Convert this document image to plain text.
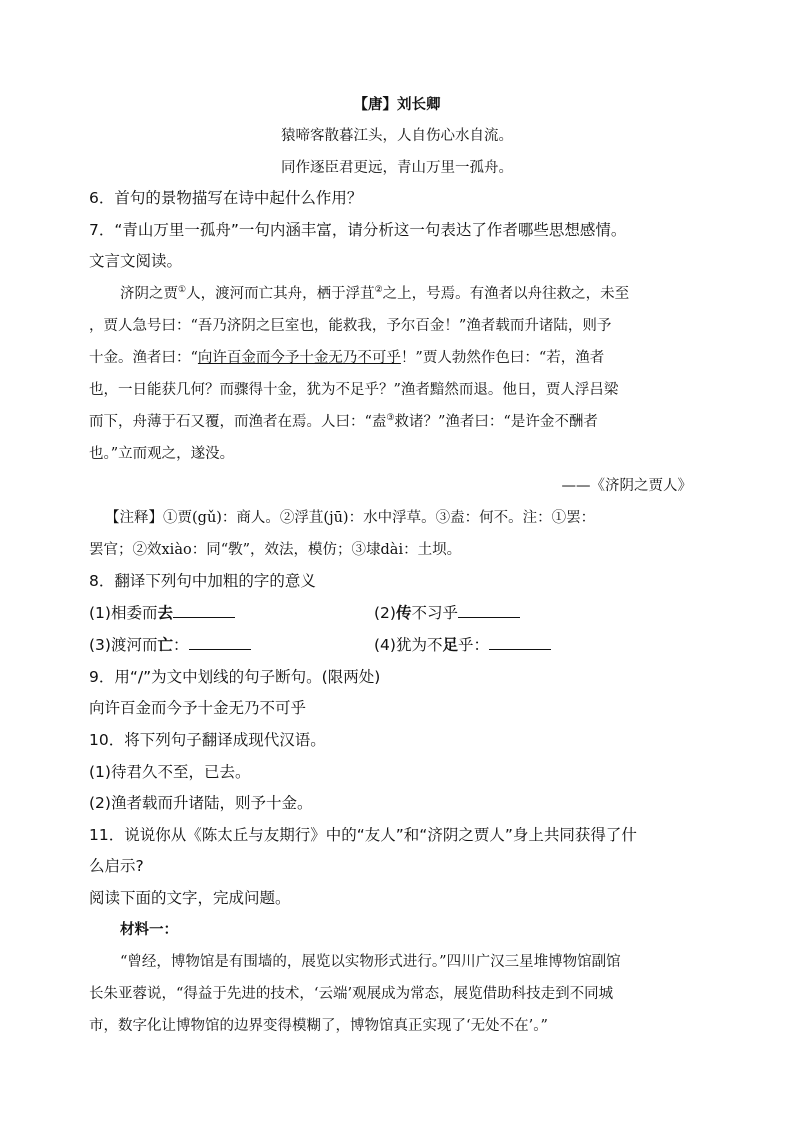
【唐】刘长卿
猿啼客散暮江头，人自伤心水自流。
同作逐臣君更远，青山万里一孤舟。
6．首句的景物描写在诗中起什么作用？
7．“青山万里一孤舟”一句内涵丰富，请分析这一句表达了作者哪些思想感情。
文言文阅读。
济阴之贾①人，渡河而亡其舟，栖于浮苴②之上，号焉。有渔者以舟往救之，未至
，贾人急号曰：“吾乃济阴之巨室也，能救我，予尔百金！”渔者载而升诸陆，则予
十金。渔者曰：“向许百金而今予十金无乃不可乎！”贾人勃然作色曰：“若，渔者
也，一日能获几何？而骤得十金，犹为不足乎？”渔者黯然而退。他日，贾人浮吕梁
而下，舟薄于石又覆，而渔者在焉。人曰：“盍③救诸？”渔者曰：“是许金不酬者
也。”立而观之，遂没。
——《济阴之贾人》
【注释】①贾(gǔ)：商人。②浮苴(jū)：水中浮草。③盍：何不。注：①罢：
罢官；②效xiào：同“斆”，效法，模仿；③埭dài：土坝。
8．翻译下列句中加粗的字的意义
(1)相委而去	(2)传不习乎
(3)渡河而亡：	(4)犹为不足乎：
9．用“/”为文中划线的句子断句。(限两处)
向许百金而今予十金无乃不可乎
10．将下列句子翻译成现代汉语。
(1)待君久不至，已去。
(2)渔者载而升诸陆，则予十金。
11．说说你从《陈太丘与友期行》中的“友人”和“济阴之贾人”身上共同获得了什
么启示?
阅读下面的文字，完成问题。
材料一：
“曾经，博物馆是有围墙的，展览以实物形式进行。”四川广汉三星堆博物馆副馆
长朱亚蓉说，“得益于先进的技术，‘云端’观展成为常态，展览借助科技走到不同城
市，数字化让博物馆的边界变得模糊了，博物馆真正实现了‘无处不在’。”
